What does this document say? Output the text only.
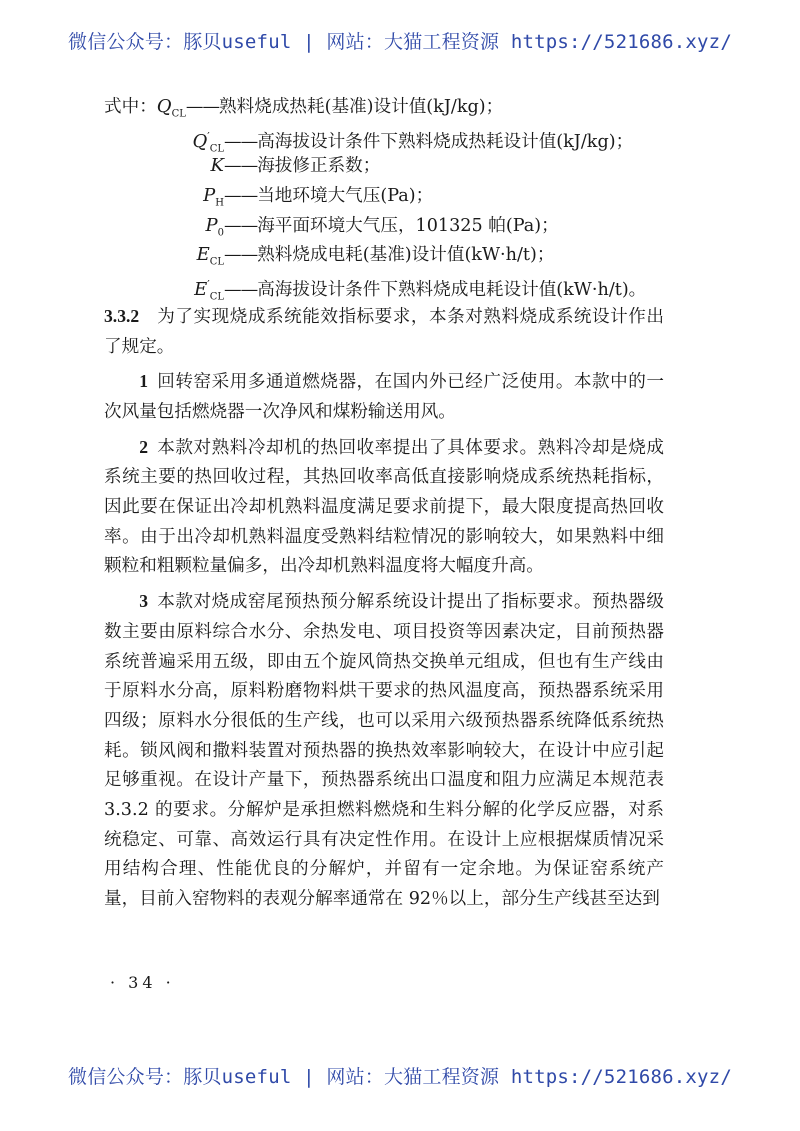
微信公众号：豚贝useful | 网站：大猫工程资源 https://521686.xyz/
式中： $Q_{CL}$ —— 熟料烧成热耗(基准)设计值(kJ/kg)；
$Q'_{CL}$ —— 高海拔设计条件下熟料烧成热耗设计值(kJ/kg)；
K —— 海拔修正系数；
$P_H$ —— 当地环境大气压(Pa)；
$P_0$ —— 海平面环境大气压，101325 帕(Pa)；
$E_{CL}$ —— 熟料烧成电耗(基准)设计值(kW·h/t)；
$E'_{CL}$ —— 高海拔设计条件下熟料烧成电耗设计值(kW·h/t)。
3.3.2  为了实现烧成系统能效指标要求，本条对熟料烧成系统设计作出了规定。
1  回转窑采用多通道燃烧器，在国内外已经广泛使用。本款中的一次风量包括燃烧器一次净风和煤粉输送用风。
2  本款对熟料冷却机的热回收率提出了具体要求。熟料冷却是烧成系统主要的热回收过程，其热回收率高低直接影响烧成系统热耗指标，因此要在保证出冷却机熟料温度满足要求前提下，最大限度提高热回收率。由于出冷却机熟料温度受熟料结粒情况的影响较大，如果熟料中细颗粒和粗颗粒量偏多，出冷却机熟料温度将大幅度升高。
3  本款对烧成窑尾预热预分解系统设计提出了指标要求。预热器级数主要由原料综合水分、余热发电、项目投资等因素决定，目前预热器系统普遍采用五级，即由五个旋风筒热交换单元组成，但也有生产线由于原料水分高，原料粉磨物料烘干要求的热风温度高，预热器系统采用四级；原料水分很低的生产线，也可以采用六级预热器系统降低系统热耗。锁风阀和撒料装置对预热器的换热效率影响较大，在设计中应引起足够重视。在设计产量下，预热器系统出口温度和阻力应满足本规范表 3.3.2 的要求。分解炉是承担燃料燃烧和生料分解的化学反应器，对系统稳定、可靠、高效运行具有决定性作用。在设计上应根据煤质情况采用结构合理、性能优良的分解炉，并留有一定余地。为保证窑系统产量，目前入窑物料的表观分解率通常在 92％以上，部分生产线甚至达到
· 34 ·
微信公众号：豚贝useful | 网站：大猫工程资源 https://521686.xyz/
